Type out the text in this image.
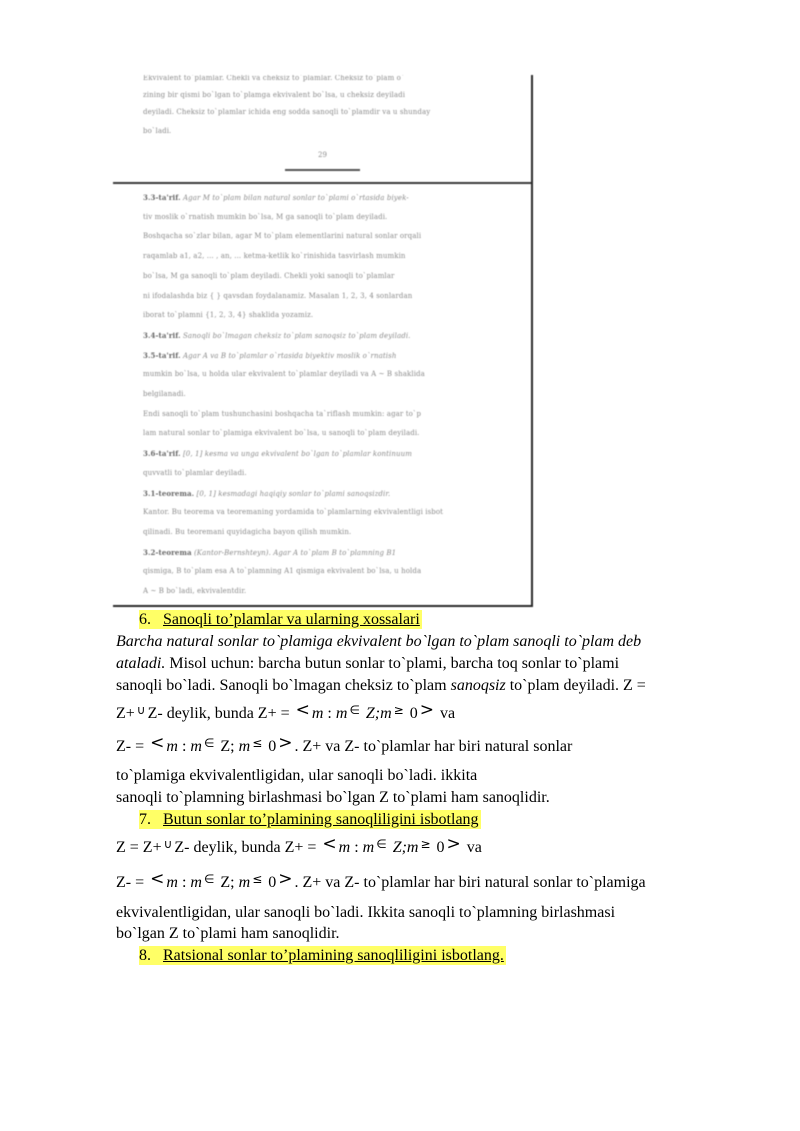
Ekvivalent to`plamlar. Chekli va cheksiz to`plamlar. Cheksiz to`plam o`
zining bir qismi bo`lgan to`plamga ekvivalent bo`lsa, u cheksiz deyiladi
deyiladi. Cheksiz to`plamlar ichida eng sodda sanoqli to`plamdir va u shunday
bo`ladi.
29
3.3-ta'rif. Agar M to`plam bilan natural sonlar to`plami o`rtasida biyek-
tiv moslik o`rnatish mumkin bo`lsa, M ga sanoqli to`plam deyiladi.
Boshqacha so`zlar bilan, agar M to`plam elementlarini natural sonlar orqali
raqamlab a1, a2, ... , an, ... ketma-ketlik ko`rinishida tasvirlash mumkin
bo`lsa, M ga sanoqli to`plam deyiladi. Chekli yoki sanoqli to`plamlar
ni ifodalashda biz { } qavsdan foydalanamiz. Masalan 1, 2, 3, 4 sonlardan
iborat to`plamni {1, 2, 3, 4} shaklida yozamiz.
3.4-ta'rif. Sanoqli bo`lmagan cheksiz to`plam sanoqsiz to`plam deyiladi.
3.5-ta'rif. Agar A va B to`plamlar o`rtasida biyektiv moslik o`rnatish
mumkin bo`lsa, u holda ular ekvivalent to`plamlar deyiladi va A ~ B shaklida
belgilanadi.
Endi sanoqli to`plam tushunchasini boshqacha ta`riflash mumkin: agar to`p
lam natural sonlar to`plamiga ekvivalent bo`lsa, u sanoqli to`plam deyiladi.
3.6-ta'rif. [0, 1] kesma va unga ekvivalent bo`lgan to`plamlar kontinuum
quvvatli to`plamlar deyiladi.
3.1-teorema. [0, 1] kesmadagi haqiqiy sonlar to`plami sanoqsizdir.
Kantor. Bu teorema va teoremaning yordamida to`plamlarning ekvivalentligi isbot
qilinadi. Bu teoremani quyidagicha bayon qilish mumkin.
3.2-teorema (Kantor-Bernshteyn). Agar A to`plam B to`plamning B1
qismiga, B to`plam esa A to`plamning A1 qismiga ekvivalent bo`lsa, u holda
A ~ B bo`ladi, ekvivalentdir.
6. Sanoqli to’plamlar va ularning xossalari
Barcha natural sonlar to`plamiga ekvivalent bo`lgan to`plam sanoqli to`plam deb
ataladi. Misol uchun: barcha butun sonlar to`plami, barcha toq sonlar to`plami
sanoqli bo`ladi. Sanoqli bo`lmagan cheksiz to`plam sanoqsiz to`plam deyiladi. Z =
Z+ ∪ Z- deylik, bunda Z+ = < m : m ∈ Z;m ≥ 0 > va
Z- = < m : m ∈ Z; m ≤ 0 > . Z+ va Z- to`plamlar har biri natural sonlar
to`plamiga ekvivalentligidan, ular sanoqli bo`ladi. ikkita
sanoqli to`plamning birlashmasi bo`lgan Z to`plami ham sanoqlidir.
7. Butun sonlar to’plamining sanoqliligini isbotlang
Z = Z+ ∪ Z- deylik, bunda Z+ = < m : m ∈ Z;m ≥ 0 > va
Z- = < m : m ∈ Z; m ≤ 0 > . Z+ va Z- to`plamlar har biri natural sonlar to`plamiga
ekvivalentligidan, ular sanoqli bo`ladi. Ikkita sanoqli to`plamning birlashmasi
bo`lgan Z to`plami ham sanoqlidir.
8. Ratsional sonlar to’plamining sanoqliligini isbotlang.
